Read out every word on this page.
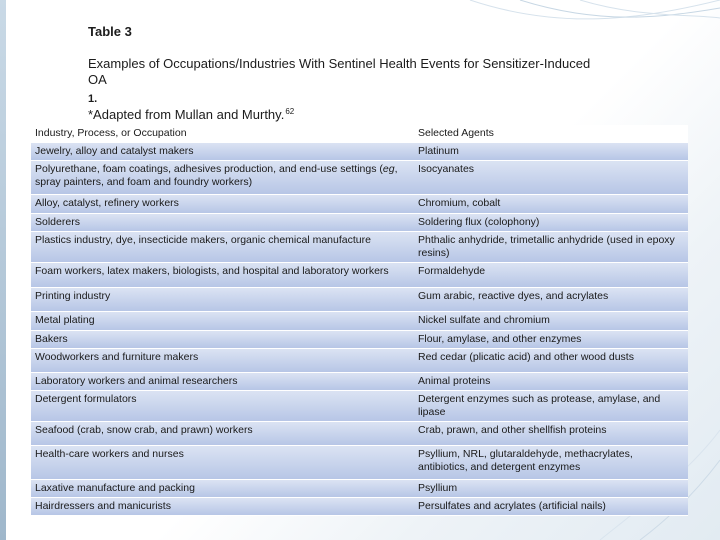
Table 3
Examples of Occupations/Industries With Sentinel Health Events for Sensitizer-Induced OA
1.
*Adapted from Mullan and Murthy.$^{62}$
Industry, Process, or Occupation	Selected Agents
Jewelry, alloy and catalyst makers	Platinum
Polyurethane, foam coatings, adhesives production, and end-use settings (eg, spray painters, and foam and foundry workers)	Isocyanates
Alloy, catalyst, refinery workers	Chromium, cobalt
Solderers	Soldering flux (colophony)
Plastics industry, dye, insecticide makers, organic chemical manufacture	Phthalic anhydride, trimetallic anhydride (used in epoxy resins)
Foam workers, latex makers, biologists, and hospital and laboratory workers	Formaldehyde
Printing industry	Gum arabic, reactive dyes, and acrylates
Metal plating	Nickel sulfate and chromium
Bakers	Flour, amylase, and other enzymes
Woodworkers and furniture makers	Red cedar (plicatic acid) and other wood dusts
Laboratory workers and animal researchers	Animal proteins
Detergent formulators	Detergent enzymes such as protease, amylase, and lipase
Seafood (crab, snow crab, and prawn) workers	Crab, prawn, and other shellfish proteins
Health-care workers and nurses	Psyllium, NRL, glutaraldehyde, methacrylates, antibiotics, and detergent enzymes
Laxative manufacture and packing	Psyllium
Hairdressers and manicurists	Persulfates and acrylates (artificial nails)
